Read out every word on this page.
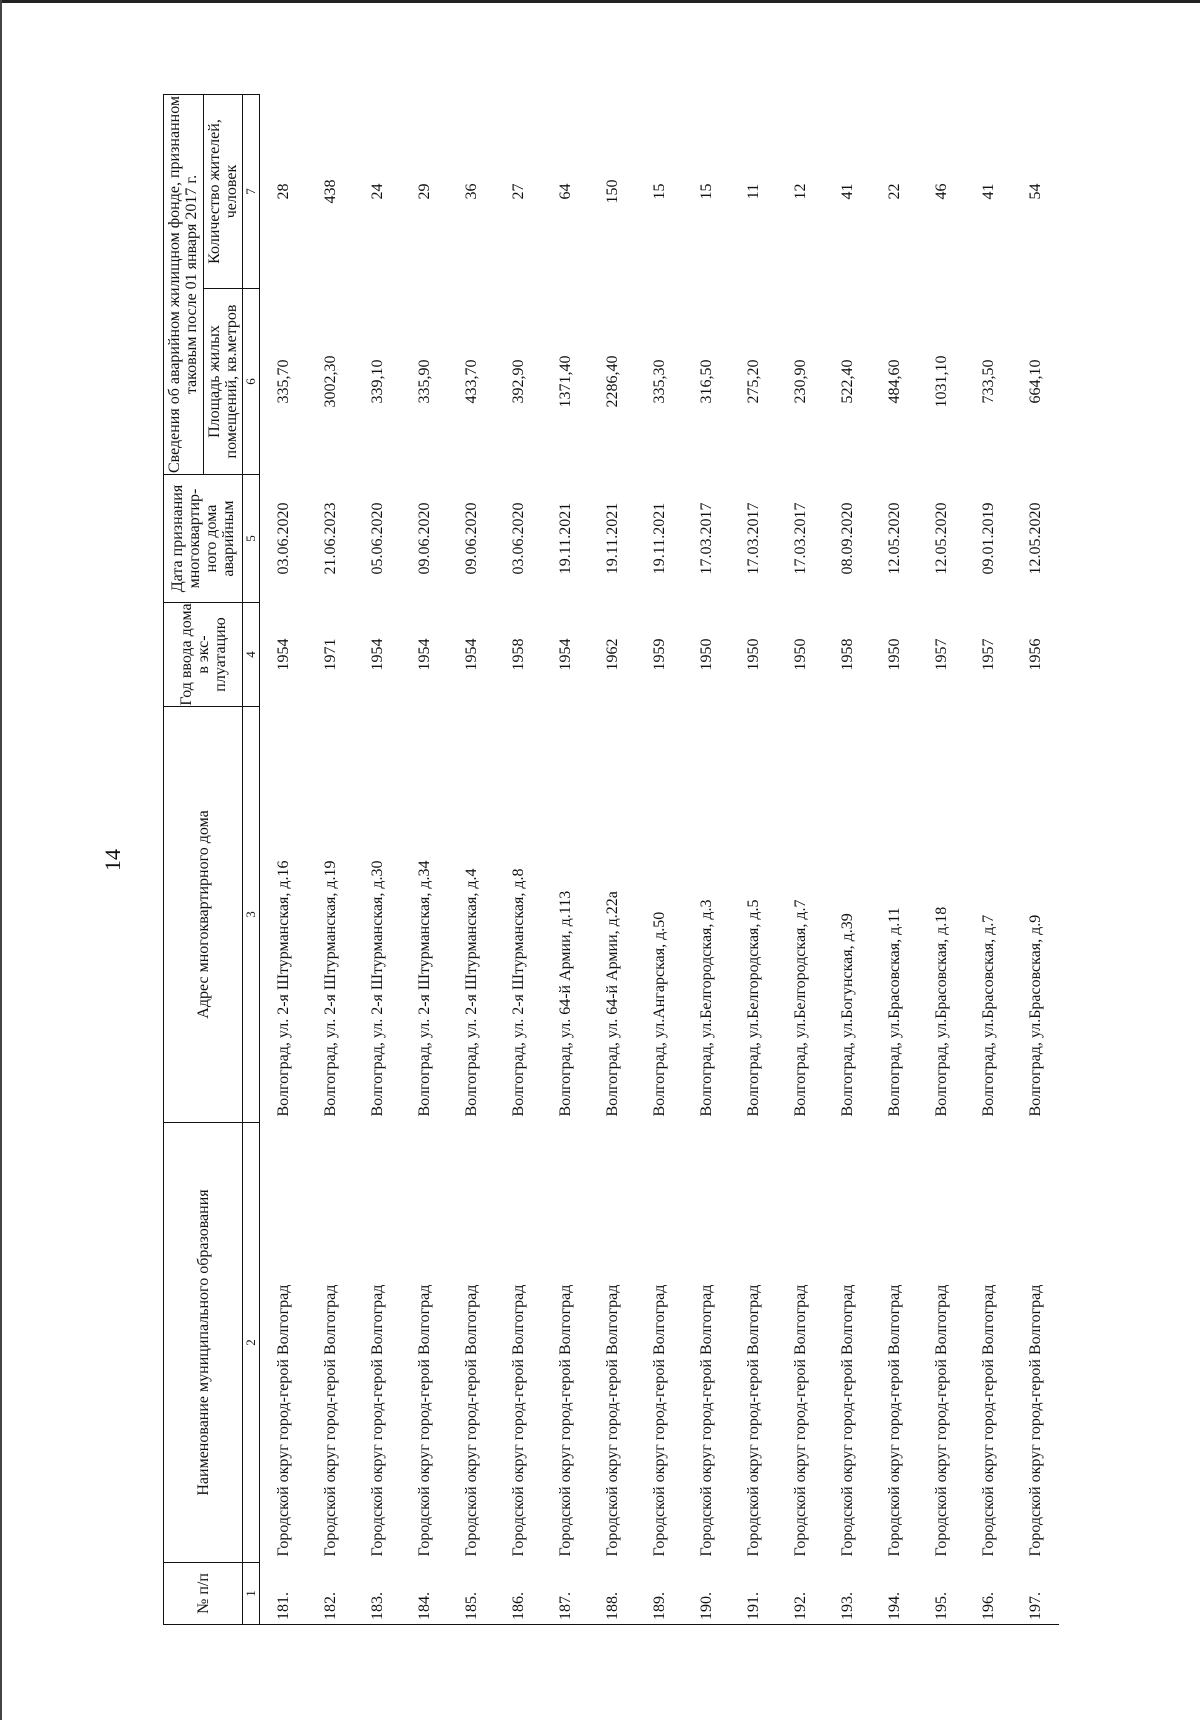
14
№ п/п	Наименование муниципального образования	Адрес многоквартирного дома	Год ввода дома в экс-плуатацию	Дата признания многоквартир-ного дома аварийным	Сведения об аварийном жилищном фонде, признанном таковым после 01 января 2017 г.	
					Площадь жилых помещений, кв.метров	Количество жителей, человек
1	2	3	4	5	6	7
181.	Городской округ город-герой Волгоград	Волгоград, ул. 2-я Штурманская, д.16	1954	03.06.2020	335,70	28
182.	Городской округ город-герой Волгоград	Волгоград, ул. 2-я Штурманская, д.19	1971	21.06.2023	3002,30	438
183.	Городской округ город-герой Волгоград	Волгоград, ул. 2-я Штурманская, д.30	1954	05.06.2020	339,10	24
184.	Городской округ город-герой Волгоград	Волгоград, ул. 2-я Штурманская, д.34	1954	09.06.2020	335,90	29
185.	Городской округ город-герой Волгоград	Волгоград, ул. 2-я Штурманская, д.4	1954	09.06.2020	433,70	36
186.	Городской округ город-герой Волгоград	Волгоград, ул. 2-я Штурманская, д.8	1958	03.06.2020	392,90	27
187.	Городской округ город-герой Волгоград	Волгоград, ул. 64-й Армии, д.113	1954	19.11.2021	1371,40	64
188.	Городской округ город-герой Волгоград	Волгоград, ул. 64-й Армии, д.22а	1962	19.11.2021	2286,40	150
189.	Городской округ город-герой Волгоград	Волгоград, ул.Ангарская, д.50	1959	19.11.2021	335,30	15
190.	Городской округ город-герой Волгоград	Волгоград, ул.Белгородская, д.3	1950	17.03.2017	316,50	15
191.	Городской округ город-герой Волгоград	Волгоград, ул.Белгородская, д.5	1950	17.03.2017	275,20	11
192.	Городской округ город-герой Волгоград	Волгоград, ул.Белгородская, д.7	1950	17.03.2017	230,90	12
193.	Городской округ город-герой Волгоград	Волгоград, ул.Богунская, д.39	1958	08.09.2020	522,40	41
194.	Городской округ город-герой Волгоград	Волгоград, ул.Брасовская, д.11	1950	12.05.2020	484,60	22
195.	Городской округ город-герой Волгоград	Волгоград, ул.Брасовская, д.18	1957	12.05.2020	1031,10	46
196.	Городской округ город-герой Волгоград	Волгоград, ул.Брасовская, д.7	1957	09.01.2019	733,50	41
197.	Городской округ город-герой Волгоград	Волгоград, ул.Брасовская, д.9	1956	12.05.2020	664,10	54
